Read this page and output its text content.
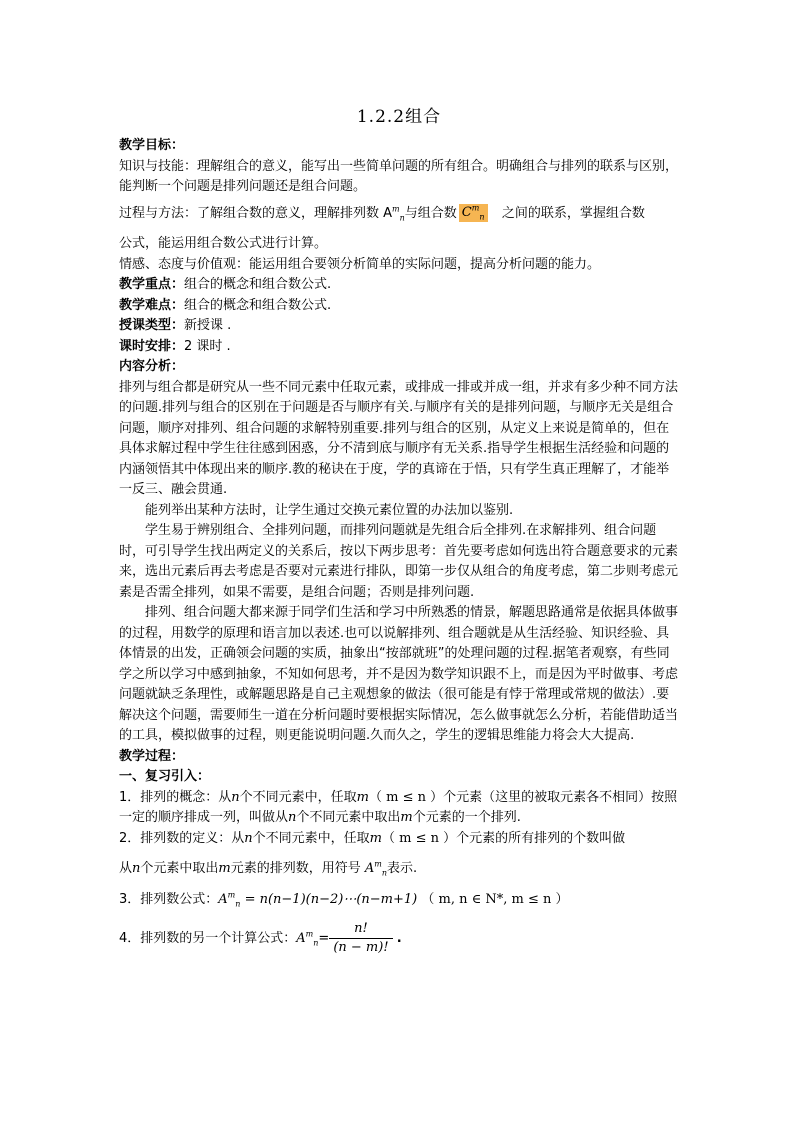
1.2.2组合

教学目标：

知识与技能：理解组合的意义，能写出一些简单问题的所有组合。明确组合与排列的联系与区别，能判断一个问题是排列问题还是组合问题。

过程与方法：了解组合数的意义，理解排列数 $A^m_n$与组合数 $C^m_n$ 之间的联系，掌握组合数

公式，能运用组合数公式进行计算。

情感、态度与价值观：能运用组合要领分析简单的实际问题，提高分析问题的能力。

教学重点：组合的概念和组合数公式.

教学难点：组合的概念和组合数公式.

授课类型：新授课 .

课时安排：2 课时 .

内容分析：

排列与组合都是研究从一些不同元素中任取元素，或排成一排或并成一组，并求有多少种不同方法的问题.排列与组合的区别在于问题是否与顺序有关.与顺序有关的是排列问题，与顺序无关是组合问题，顺序对排列、组合问题的求解特别重要.排列与组合的区别，从定义上来说是简单的，但在具体求解过程中学生往往感到困惑，分不清到底与顺序有无关系.指导学生根据生活经验和问题的内涵领悟其中体现出来的顺序.教的秘诀在于度，学的真谛在于悟，只有学生真正理解了，才能举一反三、融会贯通.

能列举出某种方法时，让学生通过交换元素位置的办法加以鉴别.

学生易于辨别组合、全排列问题，而排列问题就是先组合后全排列.在求解排列、组合问题时，可引导学生找出两定义的关系后，按以下两步思考：首先要考虑如何选出符合题意要求的元素来，选出元素后再去考虑是否要对元素进行排队，即第一步仅从组合的角度考虑，第二步则考虑元素是否需全排列，如果不需要，是组合问题；否则是排列问题.

排列、组合问题大都来源于同学们生活和学习中所熟悉的情景，解题思路通常是依据具体做事的过程，用数学的原理和语言加以表述.也可以说解排列、组合题就是从生活经验、知识经验、具体情景的出发，正确领会问题的实质，抽象出“按部就班”的处理问题的过程.据笔者观察，有些同学之所以学习中感到抽象，不知如何思考，并不是因为数学知识跟不上，而是因为平时做事、考虑问题就缺乏条理性，或解题思路是自己主观想象的做法（很可能是有悖于常理或常规的做法）.要解决这个问题，需要师生一道在分析问题时要根据实际情况，怎么做事就怎么分析，若能借助适当的工具，模拟做事的过程，则更能说明问题.久而久之，学生的逻辑思维能力将会大大提高.

教学过程：

一、复习引入：

1．排列的概念：从n个不同元素中，任取m（ m ≤ n ）个元素（这里的被取元素各不相同）按照一定的顺序排成一列，叫做从n个不同元素中取出m个元素的一个排列.

2．排列数的定义：从n个不同元素中，任取m（ m ≤ n ）个元素的所有排列的个数叫做

从n个元素中取出m元素的排列数，用符号 $A^m_n$表示.

3．排列数公式：$A^m_n$ = n(n−1)(n−2)⋯(n−m+1) （ m, n ∈ N*, m ≤ n ）

4．排列数的另一个计算公式：$A^m_n= \frac{n!}{(n - m)!}$ .
